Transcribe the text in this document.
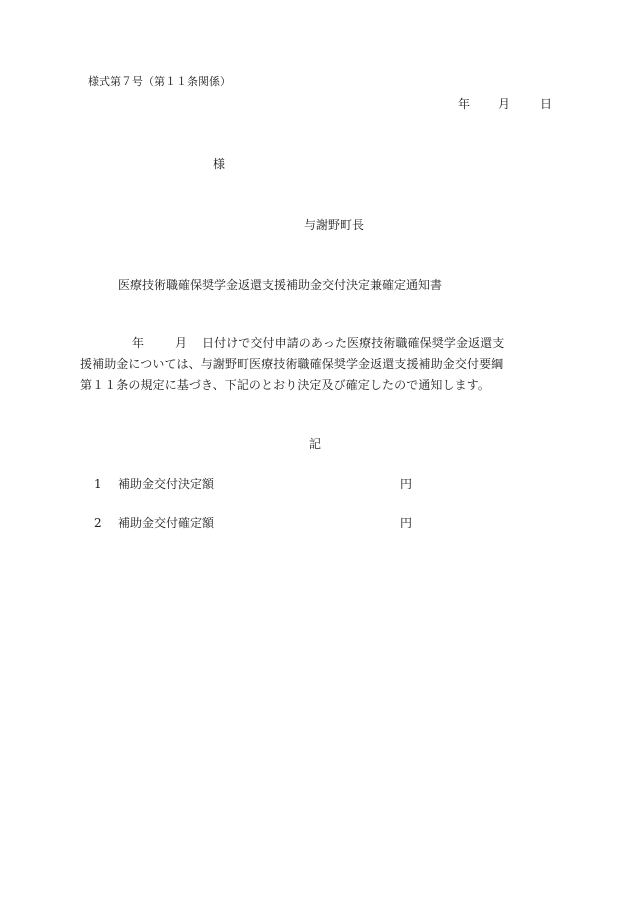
様式第７号（第１１条関係）
年 月 日
様
与謝野町長
医療技術職確保奨学金返還支援補助金交付決定兼確定通知書
年	月 日付けで交付申請のあった医療技術職確保奨学金返還支
援補助金については、与謝野町医療技術職確保奨学金返還支援補助金交付要綱
第１１条の規定に基づき、下記のとおり決定及び確定したので通知します。
記
1 補助金交付決定額	円
2 補助金交付確定額	円
